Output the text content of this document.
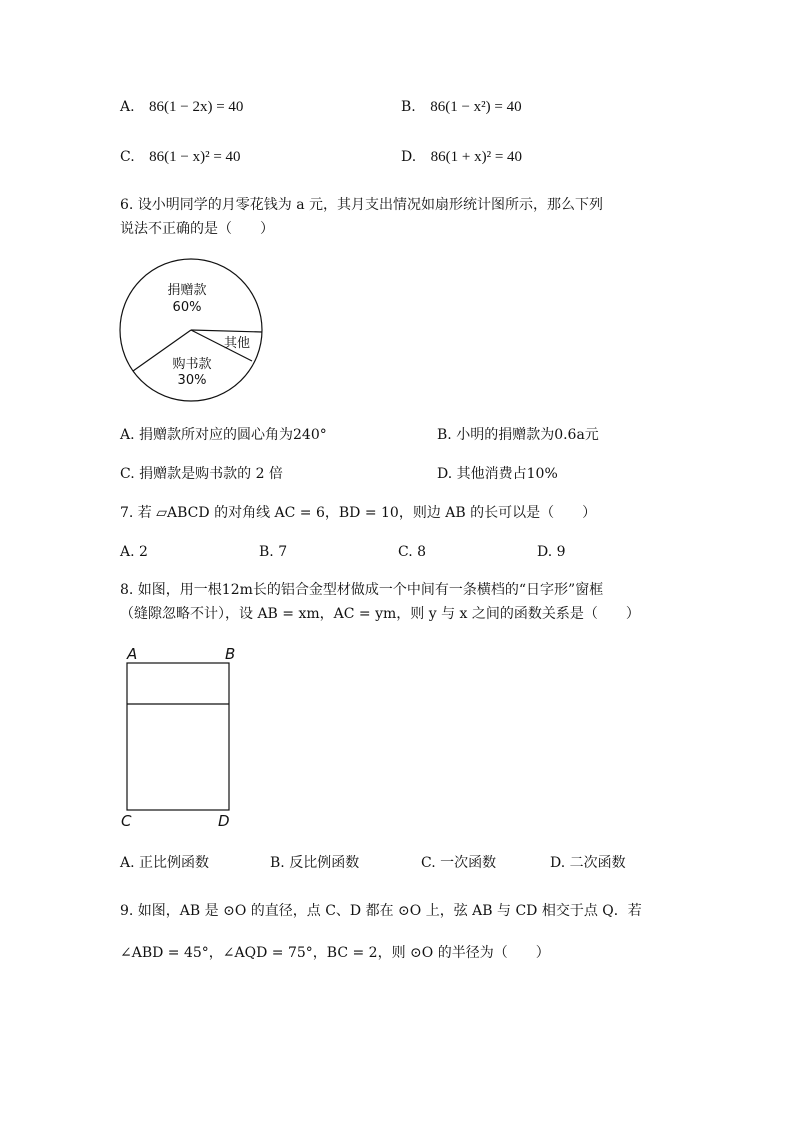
A. 86(1 − 2x) = 40	B. 86(1 − x²) = 40
C. 86(1 − x)² = 40	D. 86(1 + x)² = 40
6. 设小明同学的月零花钱为 a 元，其月支出情况如扇形统计图所示，那么下列
说法不正确的是（　　）
捐赠款
60%
其他
购书款
30%
A. 捐赠款所对应的圆心角为240°	B. 小明的捐赠款为0.6a元
C. 捐赠款是购书款的 2 倍	D. 其他消费占10%
7. 若 ▱ABCD 的对角线 AC = 6，BD = 10，则边 AB 的长可以是（　　）
A. 2	B. 7	C. 8	D. 9
8. 如图，用一根12m长的铝合金型材做成一个中间有一条横档的“日字形”窗框
（缝隙忽略不计），设 AB = xm，AC = ym，则 y 与 x 之间的函数关系是（　　）
A	B
C	D
A. 正比例函数	B. 反比例函数	C. 一次函数	D. 二次函数
9. 如图，AB 是 ⊙O 的直径，点 C、D 都在 ⊙O 上，弦 AB 与 CD 相交于点 Q．若
∠ABD = 45°，∠AQD = 75°，BC = 2，则 ⊙O 的半径为（　　）
